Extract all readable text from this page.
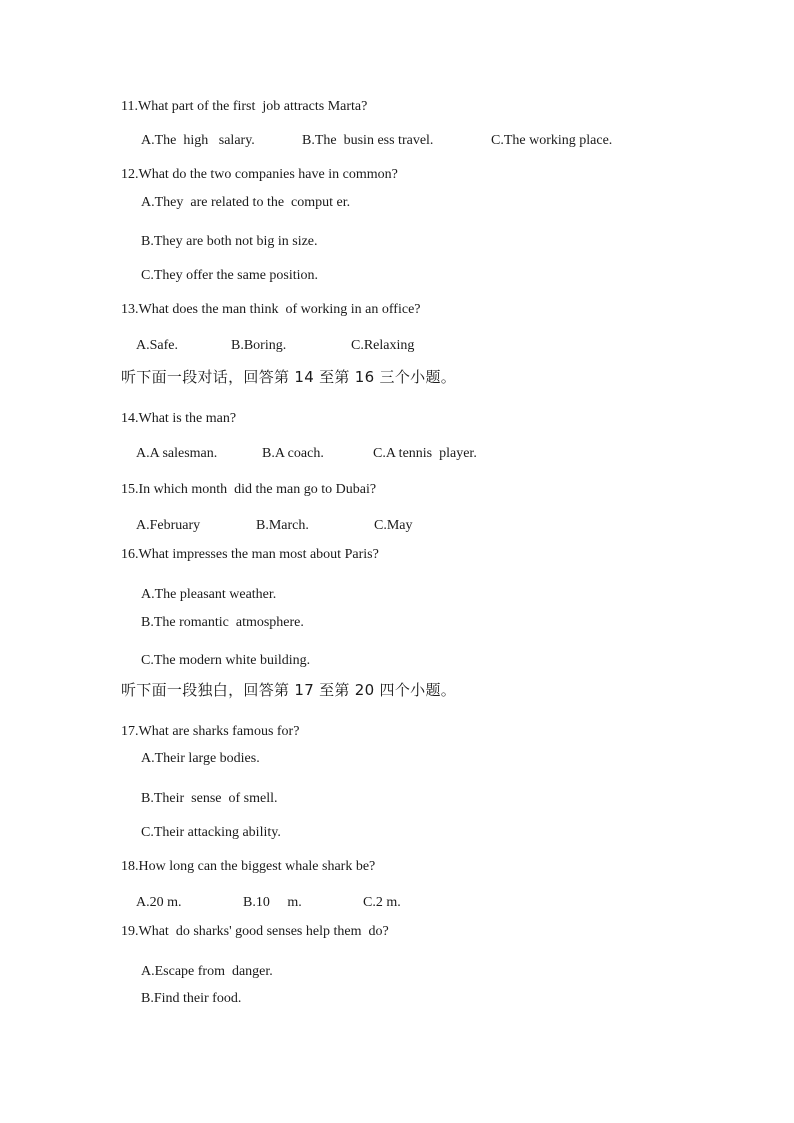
11.What part of the first  job attracts Marta?
A.The  high   salary.	B.The  busin ess travel.	C.The working place.
12.What do the two companies have in common?
A.They  are related to the  comput er.
B.They are both not big in size.
C.They offer the same position.
13.What does the man think  of working in an office?
A.Safe.	B.Boring.	C.Relaxing
听下面一段对话，回答第 14 至第 16 三个小题。
14.What is the man?
A.A salesman.	B.A coach.	C.A tennis  player.
15.In which month  did the man go to Dubai?
A.February	B.March.	C.May
16.What impresses the man most about Paris?
A.The pleasant weather.
B.The romantic  atmosphere.
C.The modern white building.
听下面一段独白，回答第 17 至第 20 四个小题。
17.What are sharks famous for?
A.Their large bodies.
B.Their  sense  of smell.
C.Their attacking ability.
18.How long can the biggest whale shark be?
A.20 m.	B.10     m.	C.2 m.
19.What  do sharks' good senses help them  do?
A.Escape from  danger.
B.Find their food.
